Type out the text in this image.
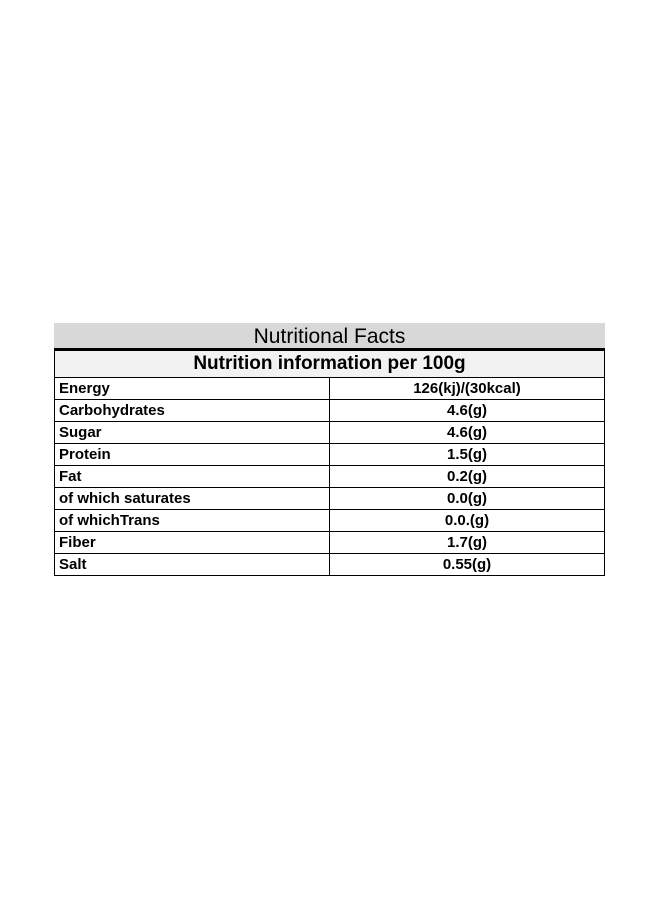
Nutritional Facts
Nutrition information per 100g	
Energy	126(kj)/(30kcal)
Carbohydrates	4.6(g)
Sugar	4.6(g)
Protein	1.5(g)
Fat	0.2(g)
of which saturates	0.0(g)
of whichTrans	0.0.(g)
Fiber	1.7(g)
Salt	0.55(g)
